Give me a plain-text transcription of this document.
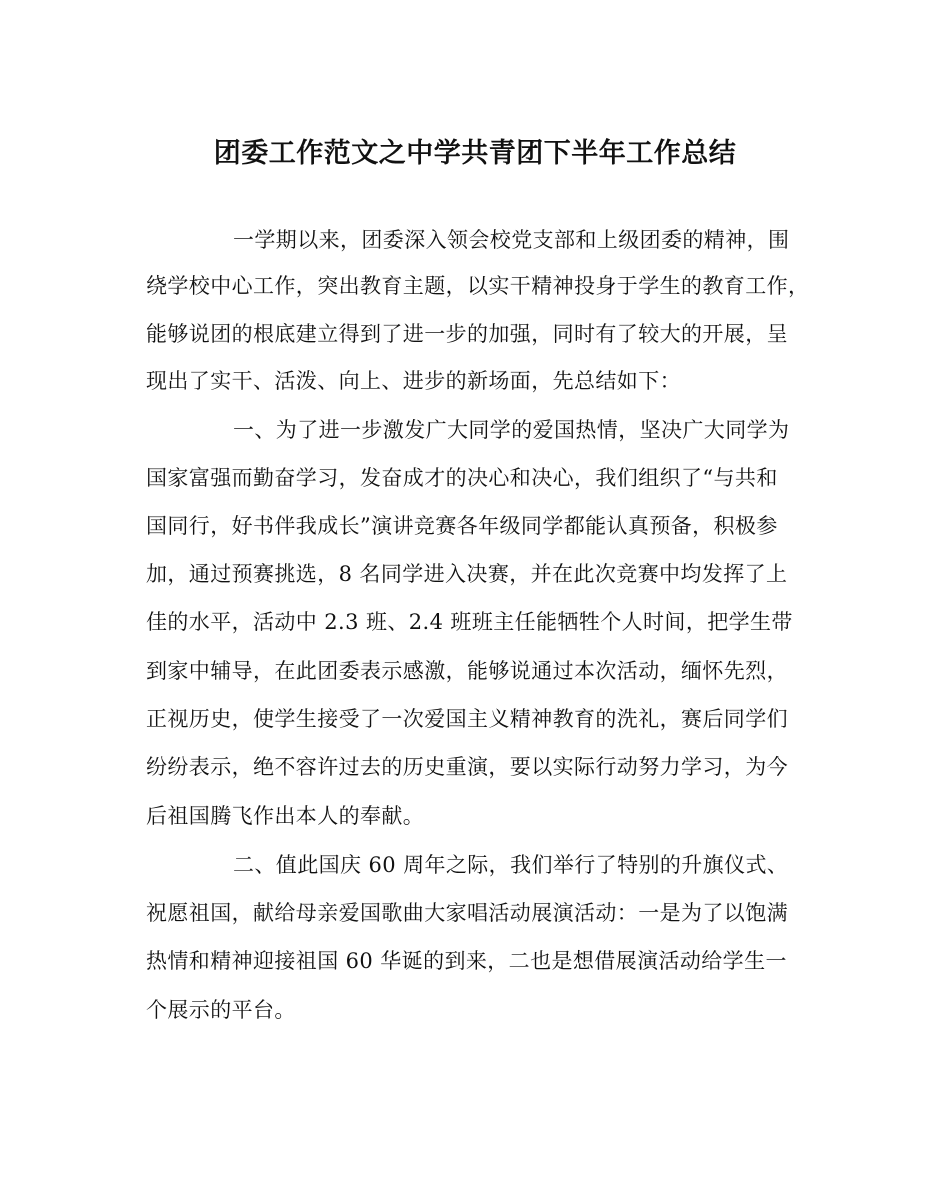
团委工作范文之中学共青团下半年工作总结
一学期以来，团委深入领会校党支部和上级团委的精神，围
绕学校中心工作，突出教育主题，以实干精神投身于学生的教育工作，
能够说团的根底建立得到了进一步的加强，同时有了较大的开展，呈
现出了实干、活泼、向上、进步的新场面，先总结如下：
一、为了进一步激发广大同学的爱国热情，坚决广大同学为
国家富强而勤奋学习，发奋成才的决心和决心，我们组织了“与共和
国同行，好书伴我成长”演讲竞赛各年级同学都能认真预备，积极参
加，通过预赛挑选，8 名同学进入决赛，并在此次竞赛中均发挥了上
佳的水平，活动中 2.3 班、2.4 班班主任能牺牲个人时间，把学生带
到家中辅导，在此团委表示感激，能够说通过本次活动，缅怀先烈，
正视历史，使学生接受了一次爱国主义精神教育的洗礼，赛后同学们
纷纷表示，绝不容许过去的历史重演，要以实际行动努力学习，为今
后祖国腾飞作出本人的奉献。
二、值此国庆 60 周年之际，我们举行了特别的升旗仪式、
祝愿祖国，献给母亲爱国歌曲大家唱活动展演活动：一是为了以饱满
热情和精神迎接祖国 60 华诞的到来，二也是想借展演活动给学生一
个展示的平台。
